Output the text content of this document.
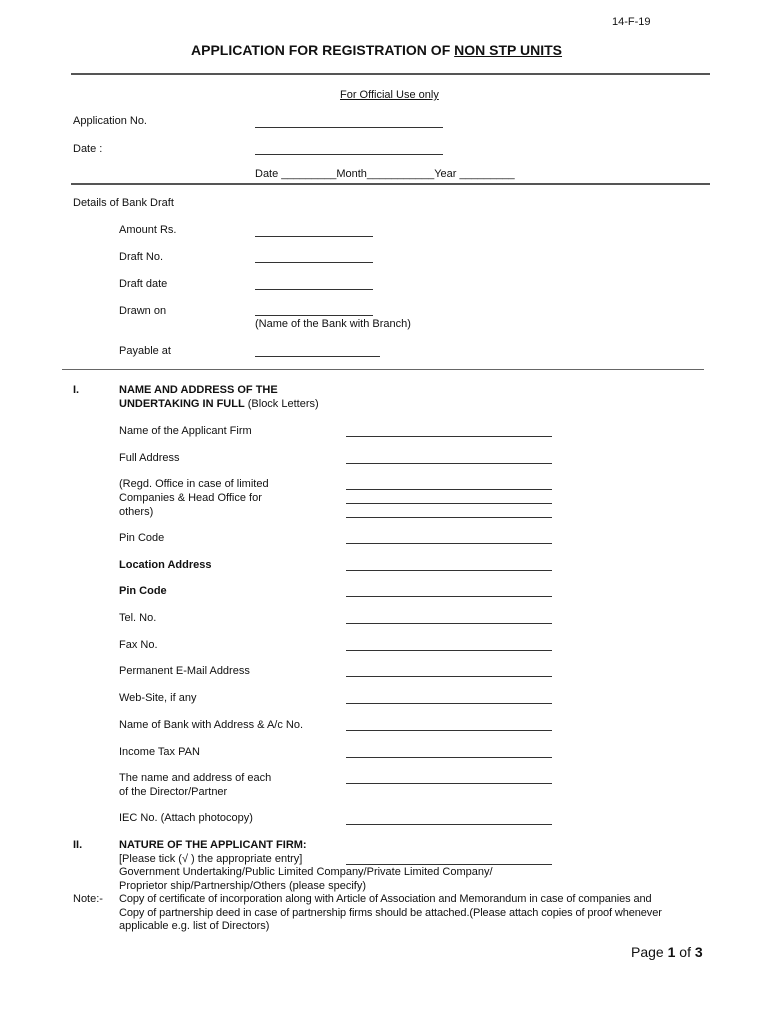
14-F-19
APPLICATION FOR REGISTRATION OF NON STP UNITS
For Official Use only
Application No.
Date :
Date _________Month___________Year _________
Details of Bank Draft
Amount Rs.
Draft No.
Draft date
Drawn on
(Name of the Bank with Branch)
Payable at
I.	NAME AND ADDRESS OF THE
UNDERTAKING IN FULL (Block Letters)
Name of the Applicant Firm
Full Address
(Regd. Office in case of limited
Companies & Head Office for
others)
Pin Code
Location Address
Pin Code
Tel. No.
Fax No.
Permanent E-Mail Address
Web-Site, if any
Name of Bank with Address & A/c No.
Income Tax PAN
The name and address of each
of the Director/Partner
IEC No. (Attach photocopy)
II.	NATURE OF THE APPLICANT FIRM:
[Please tick (√ ) the appropriate entry]
Government Undertaking/Public Limited Company/Private Limited Company/
Proprietor ship/Partnership/Others (please specify)
Note:- Copy of certificate of incorporation along with Article of Association and Memorandum in case of companies and
Copy of partnership deed in case of partnership firms should be attached.(Please attach copies of proof whenever
applicable e.g. list of Directors)
Page 1 of 3
